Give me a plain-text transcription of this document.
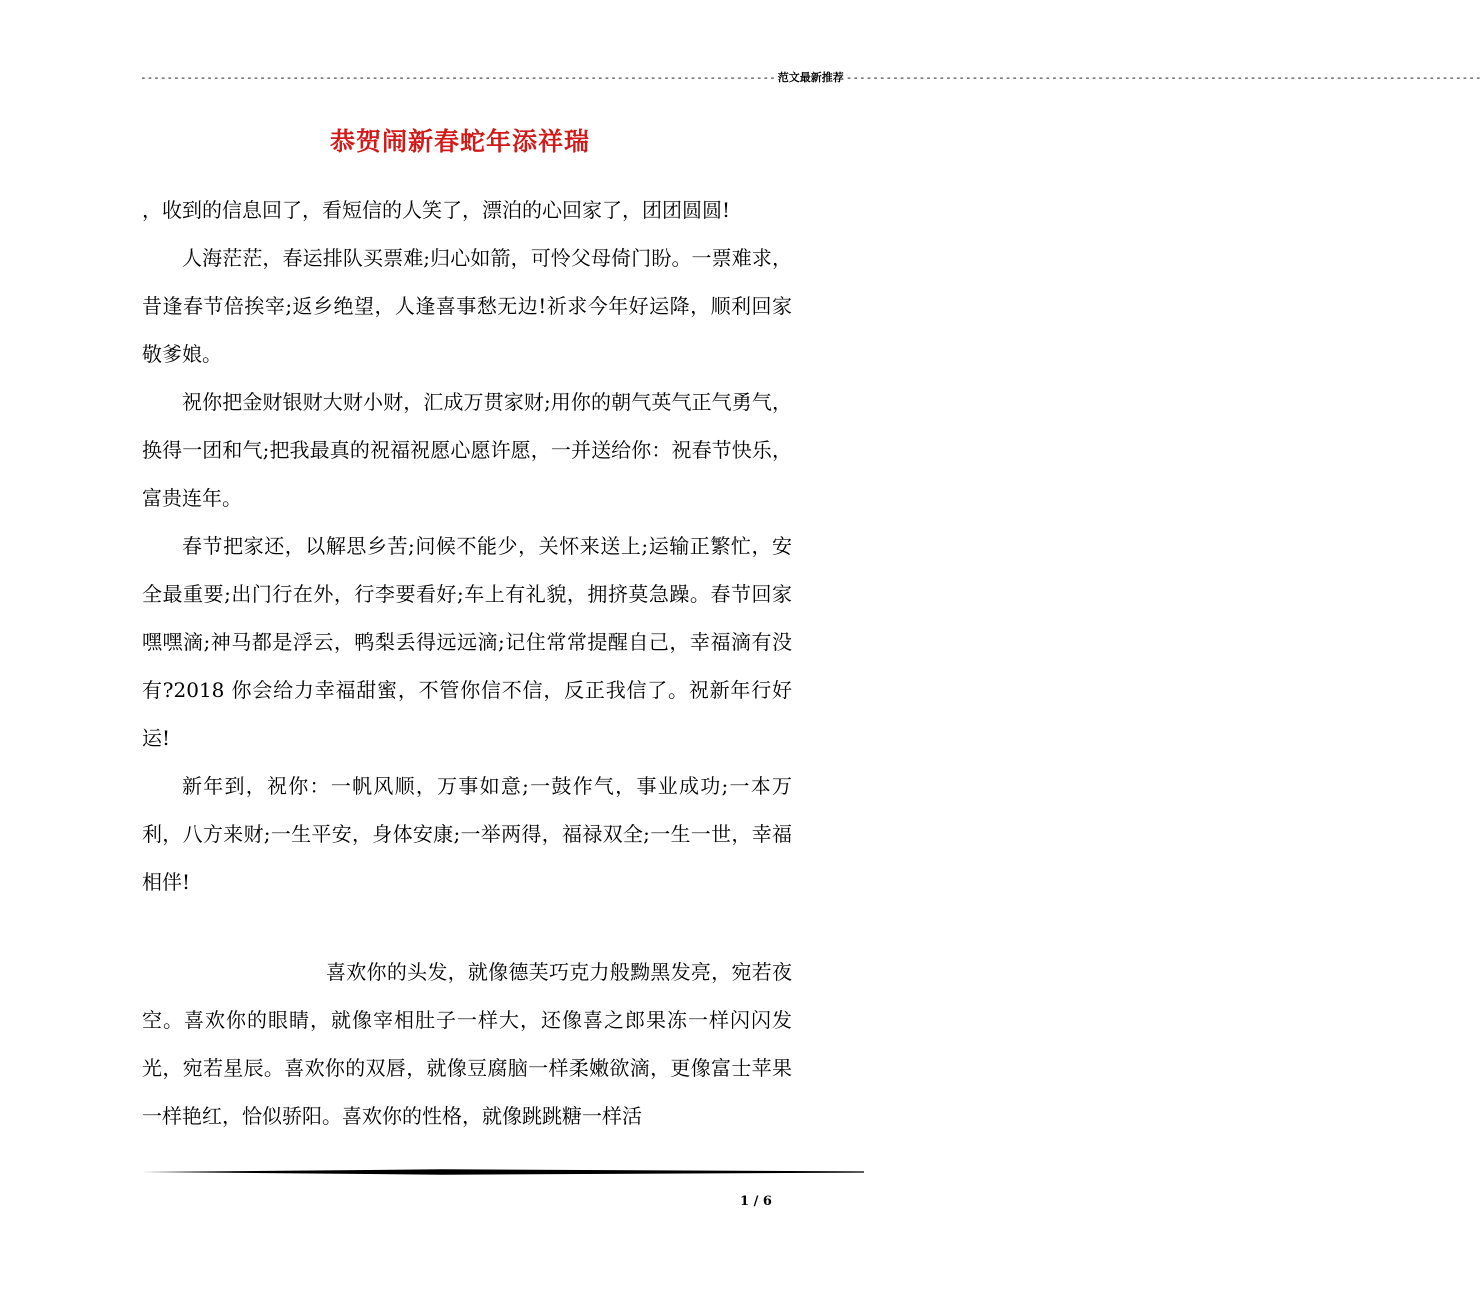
------------------------------------------------------------------------------------------------ 范文最新推荐 ------------------------------------------------------------------------------------------------
恭贺闹新春蛇年添祥瑞

，收到的信息回了，看短信的人笑了，漂泊的心回家了，团团圆圆!

人海茫茫，春运排队买票难;归心如箭，可怜父母倚门盼。一票难求，昔逢春节倍挨宰;返乡绝望，人逢喜事愁无边!祈求今年好运降，顺利回家敬爹娘。

祝你把金财银财大财小财，汇成万贯家财;用你的朝气英气正气勇气，换得一团和气;把我最真的祝福祝愿心愿许愿，一并送给你：祝春节快乐，富贵连年。

春节把家还，以解思乡苦;问候不能少，关怀来送上;运输正繁忙，安全最重要;出门行在外，行李要看好;车上有礼貌，拥挤莫急躁。春节回家嘿嘿滴;神马都是浮云，鸭梨丢得远远滴;记住常常提醒自己，幸福滴有没有?2018 你会给力幸福甜蜜，不管你信不信，反正我信了。祝新年行好运!

新年到，祝你：一帆风顺，万事如意;一鼓作气，事业成功;一本万利，八方来财;一生平安，身体安康;一举两得，福禄双全;一生一世，幸福相伴!

喜欢你的头发，就像德芙巧克力般黝黑发亮，宛若夜空。喜欢你的眼睛，就像宰相肚子一样大，还像喜之郎果冻一样闪闪发光，宛若星辰。喜欢你的双唇，就像豆腐脑一样柔嫩欲滴，更像富士苹果一样艳红，恰似骄阳。喜欢你的性格，就像跳跳糖一样活

1 / 6
